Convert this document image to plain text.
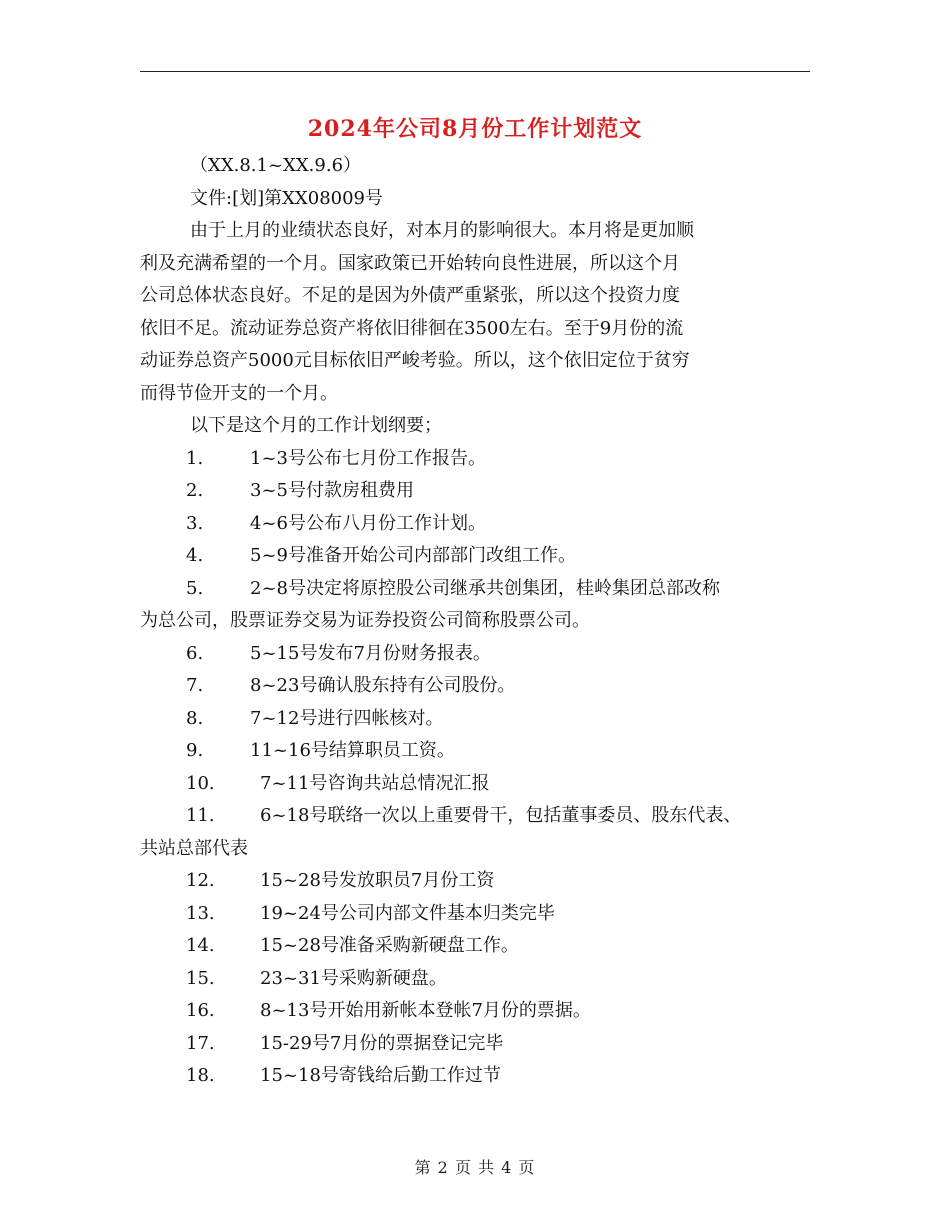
2024年公司8月份工作计划范文

（XX.8.1~XX.9.6）

文件:[划]第XX08009号

由于上月的业绩状态良好，对本月的影响很大。本月将是更加顺

利及充满希望的一个月。国家政策已开始转向良性进展，所以这个月

公司总体状态良好。不足的是因为外债严重紧张，所以这个投资力度

依旧不足。流动证券总资产将依旧徘徊在3500左右。至于9月份的流

动证券总资产5000元目标依旧严峻考验。所以，这个依旧定位于贫穷

而得节俭开支的一个月。

以下是这个月的工作计划纲要；

1.	1~3号公布七月份工作报告。

2.	3~5号付款房租费用

3.	4~6号公布八月份工作计划。

4.	5~9号准备开始公司内部部门改组工作。

5.	2~8号决定将原控股公司继承共创集团，桂岭集团总部改称

为总公司，股票证券交易为证券投资公司简称股票公司。

6.	5~15号发布7月份财务报表。

7.	8~23号确认股东持有公司股份。

8.	7~12号进行四帐核对。

9.	11~16号结算职员工资。

10.	7~11号咨询共站总情况汇报

11.	6~18号联络一次以上重要骨干，包括董事委员、股东代表、

共站总部代表

12.	15~28号发放职员7月份工资

13.	19~24号公司内部文件基本归类完毕

14.	15~28号准备采购新硬盘工作。

15.	23~31号采购新硬盘。

16.	8~13号开始用新帐本登帐7月份的票据。

17.	15-29号7月份的票据登记完毕

18.	15~18号寄钱给后勤工作过节

第 2 页 共 4 页
